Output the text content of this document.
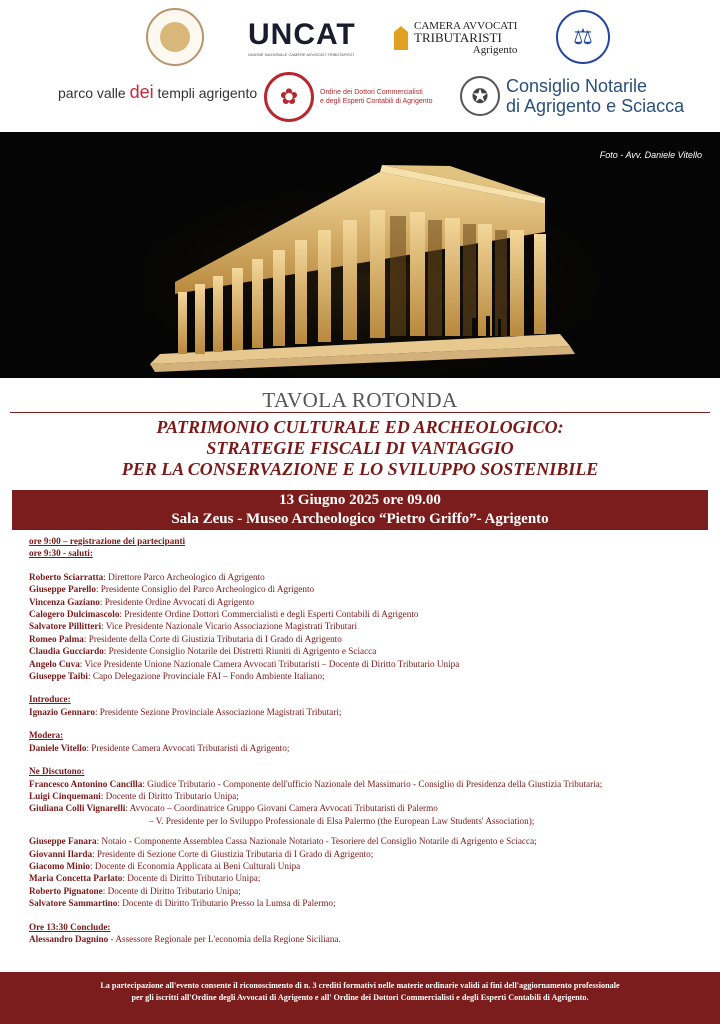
UNCAT
UNIONE NAZIONALE CAMERE AVVOCATI TRIBUTARISTI
CAMERA AVVOCATI
TRIBUTARISTI
Agrigento
⚖
parco valle dei templi agrigento	✿	Ordine dei Dottori Commercialisti
e degli Esperti Contabili di Agrigento	✪ Consiglio Notarile
di Agrigento e Sciacca
Foto - Avv. Daniele Vitello
TAVOLA ROTONDA
PATRIMONIO CULTURALE ED ARCHEOLOGICO:
STRATEGIE FISCALI DI VANTAGGIO
PER LA CONSERVAZIONE E LO SVILUPPO SOSTENIBILE
13 Giugno 2025 ore 09.00
Sala Zeus - Museo Archeologico “Pietro Griffo”- Agrigento
ore 9:00 – registrazione dei partecipanti
ore 9:30 - saluti:
Roberto Sciarratta: Direttore Parco Archeologico di Agrigento
Giuseppe Parello: Presidente Consiglio del Parco Archeologico di Agrigento
Vincenza Gaziano: Presidente Ordine Avvocati di Agrigento
Calogero Dulcimascolo: Presidente Ordine Dottori Commercialisti e degli Esperti Contabili di Agrigento
Salvatore Pillitteri: Vice Presidente Nazionale Vicario Associazione Magistrati Tributari
Romeo Palma: Presidente della Corte di Giustizia Tributaria di I Grado di Agrigento
Claudia Gucciardo: Presidente Consiglio Notarile dei Distretti Riuniti di Agrigento e Sciacca
Angelo Cuva: Vice Presidente Unione Nazionale Camera Avvocati Tributaristi – Docente di Diritto Tributario Unipa
Giuseppe Taibi: Capo Delegazione Provinciale FAI – Fondo Ambiente Italiano;
Introduce:
Ignazio Gennaro: Presidente Sezione Provinciale Associazione Magistrati Tributari;
Modera:
Daniele Vitello: Presidente Camera Avvocati Tributaristi di Agrigento;
Ne Discutono:
Francesco Antonino Cancilla: Giudice Tributario - Componente dell'ufficio Nazionale del Massimario - Consiglio di Presidenza della Giustizia Tributaria;
Luigi Cinquemani: Docente di Diritto Tributario Unipa;
Giuliana Colli Vignarelli: Avvocato – Coordinatrice Gruppo Giovani Camera Avvocati Tributaristi di Palermo
– V. Presidente per lo Sviluppo Professionale di Elsa Palermo (the European Law Students' Association);
Giuseppe Fanara: Notaio - Componente Assemblea Cassa Nazionale Notariato - Tesoriere del Consiglio Notarile di Agrigento e Sciacca;
Giovanni Ilarda: Presidente di Sezione Corte di Giustizia Tributaria di I Grado di Agrigento;
Giacomo Minio: Docente di Economia Applicata ai Beni Culturali Unipa
Maria Concetta Parlato: Docente di Diritto Tributario Unipa;
Roberto Pignatone: Docente di Diritto Tributario Unipa;
Salvatore Sammartino: Docente di Diritto Tributario Presso la Lumsa di Palermo;
Ore 13:30 Conclude:
Alessandro Dagnino - Assessore Regionale per L'economia della Regione Siciliana.
La partecipazione all'evento consente il riconoscimento di n. 3 crediti formativi nelle materie ordinarie validi ai fini dell'aggiornamento professionale
per gli iscritti all'Ordine degli Avvocati di Agrigento e all' Ordine dei Dottori Commercialisti e degli Esperti Contabili di Agrigento.
